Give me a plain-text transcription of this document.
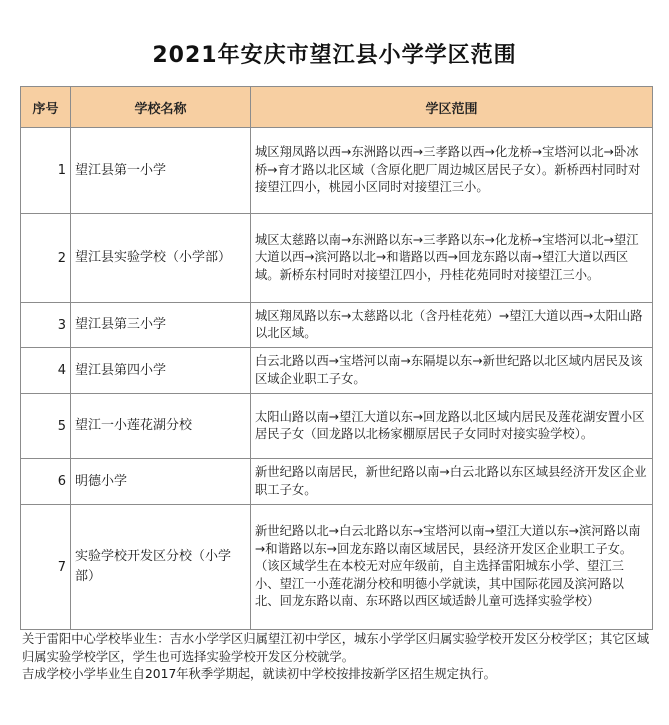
2021年安庆市望江县小学学区范围
序号	学校名称	学区范围
1	望江县第一小学	城区翔凤路以西→东洲路以西→三孝路以西→化龙桥→宝塔河以北→卧冰桥→育才路以北区域（含原化肥厂周边城区居民子女）。新桥西村同时对接望江四小，桃园小区同时对接望江三小。
2	望江县实验学校（小学部）	城区太慈路以南→东洲路以东→三孝路以东→化龙桥→宝塔河以北→望江大道以西→滨河路以北→和谐路以西→回龙东路以南→望江大道以西区域。新桥东村同时对接望江四小，丹桂花苑同时对接望江三小。
3	望江县第三小学	城区翔凤路以东→太慈路以北（含丹桂花苑）→望江大道以西→太阳山路以北区域。
4	望江县第四小学	白云北路以西→宝塔河以南→东隔堤以东→新世纪路以北区域内居民及该区域企业职工子女。
5	望江一小莲花湖分校	太阳山路以南→望江大道以东→回龙路以北区域内居民及莲花湖安置小区居民子女（回龙路以北杨家棚原居民子女同时对接实验学校）。
6	明德小学	新世纪路以南居民，新世纪路以南→白云北路以东区域县经济开发区企业职工子女。
7	实验学校开发区分校（小学部）	新世纪路以北→白云北路以东→宝塔河以南→望江大道以东→滨河路以南→和谐路以东→回龙东路以南区域居民，县经济开发区企业职工子女。（该区域学生在本校无对应年级前，自主选择雷阳城东小学、望江三小、望江一小莲花湖分校和明德小学就读，其中国际花园及滨河路以北、回龙东路以南、东环路以西区域适龄儿童可选择实验学校）
关于雷阳中心学校毕业生：吉水小学学区归属望江初中学区，城东小学学区归属实验学校开发区分校学区；其它区域归属实验学校学区，学生也可选择实验学校开发区分校就学。
吉成学校小学毕业生自2017年秋季学期起，就读初中学校按排按新学区招生规定执行。
